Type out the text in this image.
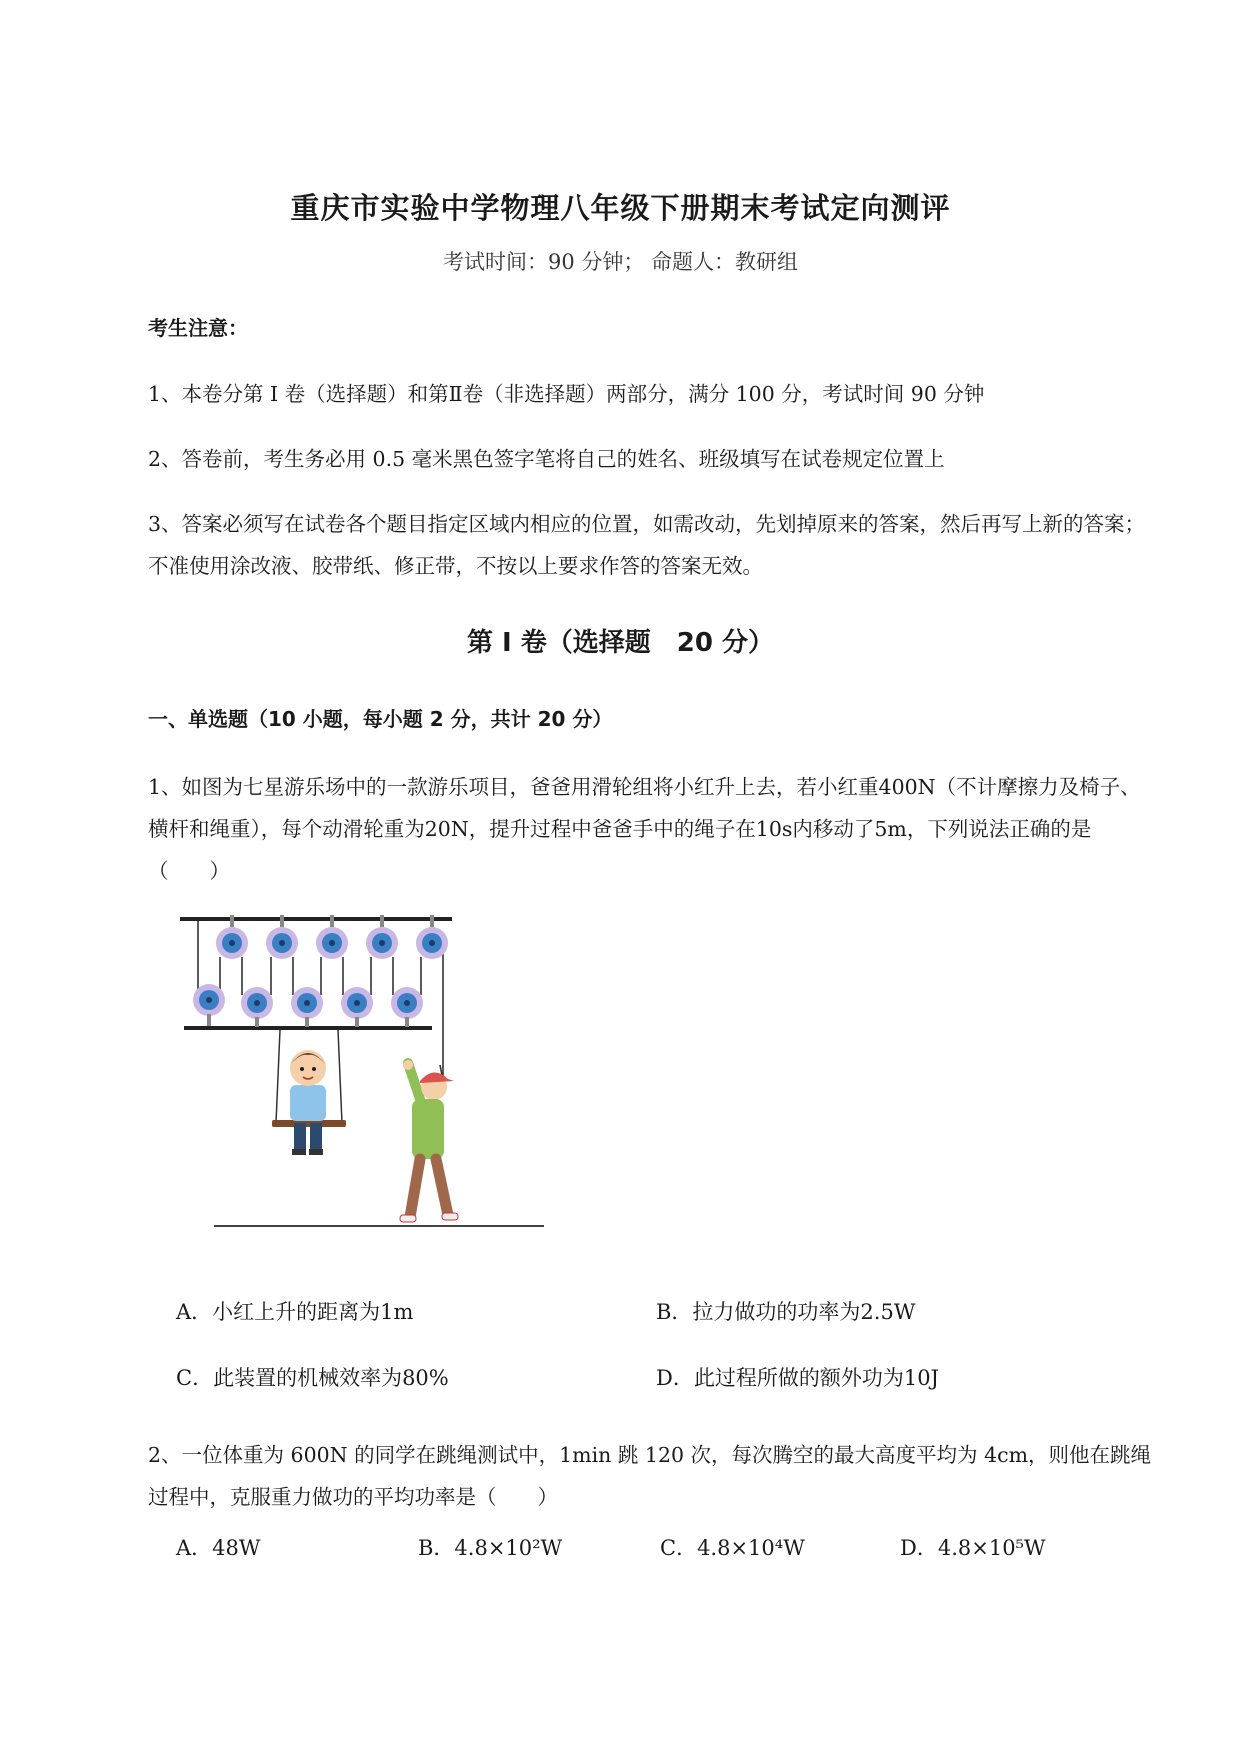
重庆市实验中学物理八年级下册期末考试定向测评
考试时间：90 分钟； 命题人：教研组
考生注意：
1、本卷分第 I 卷（选择题）和第Ⅱ卷（非选择题）两部分，满分 100 分，考试时间 90 分钟
2、答卷前，考生务必用 0.5 毫米黑色签字笔将自己的姓名、班级填写在试卷规定位置上
3、答案必须写在试卷各个题目指定区域内相应的位置，如需改动，先划掉原来的答案，然后再写上新的答案；不准使用涂改液、胶带纸、修正带，不按以上要求作答的答案无效。
第 I 卷（选择题　20 分）
一、单选题（10 小题，每小题 2 分，共计 20 分）
1、如图为七星游乐场中的一款游乐项目，爸爸用滑轮组将小红升上去，若小红重400N（不计摩擦力及椅子、横杆和绳重），每个动滑轮重为20N，提升过程中爸爸手中的绳子在10s内移动了5m，下列说法正确的是（　　）
A．小红上升的距离为1m	B．拉力做功的功率为2.5W
C．此装置的机械效率为80%	D．此过程所做的额外功为10J
2、一位体重为 600N 的同学在跳绳测试中，1min 跳 120 次，每次腾空的最大高度平均为 4cm，则他在跳绳过程中，克服重力做功的平均功率是（　　）
A．48W	B．4.8×10²W	C．4.8×10⁴W	D．4.8×10⁵W
